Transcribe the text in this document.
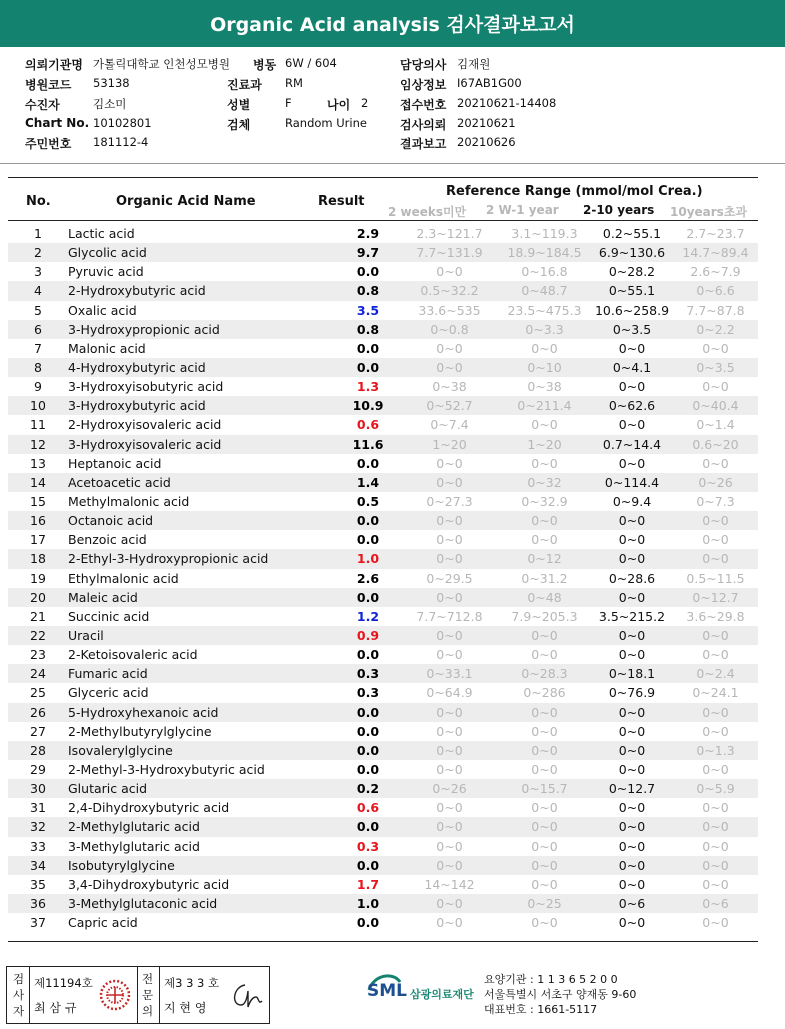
Organic Acid analysis 검사결과보고서
의뢰기관명 가톨릭대학교 인천성모병원 병동 6W / 604	담당의사 김재원
병원코드 53138	진료과 RM	임상정보 I67AB1G00
수진자	김소미	성별	F	나이 2	접수번호 20210621-14408
Chart No. 10102801	검체	Random Urine	검사의뢰 20210621
주민번호 181112-4	결과보고 20210626
No.	Organic Acid Name	Result
Reference Range (mmol/mol Crea.)
2 weeks미만 2 W-1 year 2-10 years 10years초과
1	Lactic acid	2.9	2.3~121.7	3.1~119.3	0.2~55.1	2.7~23.7
2	Glycolic acid	9.7	7.7~131.9	18.9~184.5	6.9~130.6	14.7~89.4
3	Pyruvic acid	0.0	0~0	0~16.8	0~28.2	2.6~7.9
4	2-Hydroxybutyric acid	0.8	0.5~32.2	0~48.7	0~55.1	0~6.6
5	Oxalic acid	3.5	33.6~535	23.5~475.3	10.6~258.9	7.7~87.8
6	3-Hydroxypropionic acid	0.8	0~0.8	0~3.3	0~3.5	0~2.2
7	Malonic acid	0.0	0~0	0~0	0~0	0~0
8	4-Hydroxybutyric acid	0.0	0~0	0~10	0~4.1	0~3.5
9	3-Hydroxyisobutyric acid	1.3	0~38	0~38	0~0	0~0
10	3-Hydroxybutyric acid	10.9	0~52.7	0~211.4	0~62.6	0~40.4
11	2-Hydroxyisovaleric acid	0.6	0~7.4	0~0	0~0	0~1.4
12	3-Hydroxyisovaleric acid	11.6	1~20	1~20	0.7~14.4	0.6~20
13	Heptanoic acid	0.0	0~0	0~0	0~0	0~0
14	Acetoacetic acid	1.4	0~0	0~32	0~114.4	0~26
15	Methylmalonic acid	0.5	0~27.3	0~32.9	0~9.4	0~7.3
16	Octanoic acid	0.0	0~0	0~0	0~0	0~0
17	Benzoic acid	0.0	0~0	0~0	0~0	0~0
18	2-Ethyl-3-Hydroxypropionic acid	1.0	0~0	0~12	0~0	0~0
19	Ethylmalonic acid	2.6	0~29.5	0~31.2	0~28.6	0.5~11.5
20	Maleic acid	0.0	0~0	0~48	0~0	0~12.7
21	Succinic acid	1.2	7.7~712.8	7.9~205.3	3.5~215.2	3.6~29.8
22	Uracil	0.9	0~0	0~0	0~0	0~0
23	2-Ketoisovaleric acid	0.0	0~0	0~0	0~0	0~0
24	Fumaric acid	0.3	0~33.1	0~28.3	0~18.1	0~2.4
25	Glyceric acid	0.3	0~64.9	0~286	0~76.9	0~24.1
26	5-Hydroxyhexanoic acid	0.0	0~0	0~0	0~0	0~0
27	2-Methylbutyrylglycine	0.0	0~0	0~0	0~0	0~0
28	Isovalerylglycine	0.0	0~0	0~0	0~0	0~1.3
29	2-Methyl-3-Hydroxybutyric acid	0.0	0~0	0~0	0~0	0~0
30	Glutaric acid	0.2	0~26	0~15.7	0~12.7	0~5.9
31	2,4-Dihydroxybutyric acid	0.6	0~0	0~0	0~0	0~0
32	2-Methylglutaric acid	0.0	0~0	0~0	0~0	0~0
33	3-Methylglutaric acid	0.3	0~0	0~0	0~0	0~0
34	Isobutyrylglycine	0.0	0~0	0~0	0~0	0~0
35	3,4-Dihydroxybutyric acid	1.7	14~142	0~0	0~0	0~0
36	3-Methylglutaconic acid	1.0	0~0	0~25	0~6	0~6
37	Capric acid	0.0	0~0	0~0	0~0	0~0
검사자
제11194호
최 삼 규
전문의
제3 3 3 호
지 현 영
SML 삼광의료재단
요양기관 : 1 1 3 6 5 2 0 0
서울특별시 서초구 양재동 9-60
대표번호 : 1661-5117
